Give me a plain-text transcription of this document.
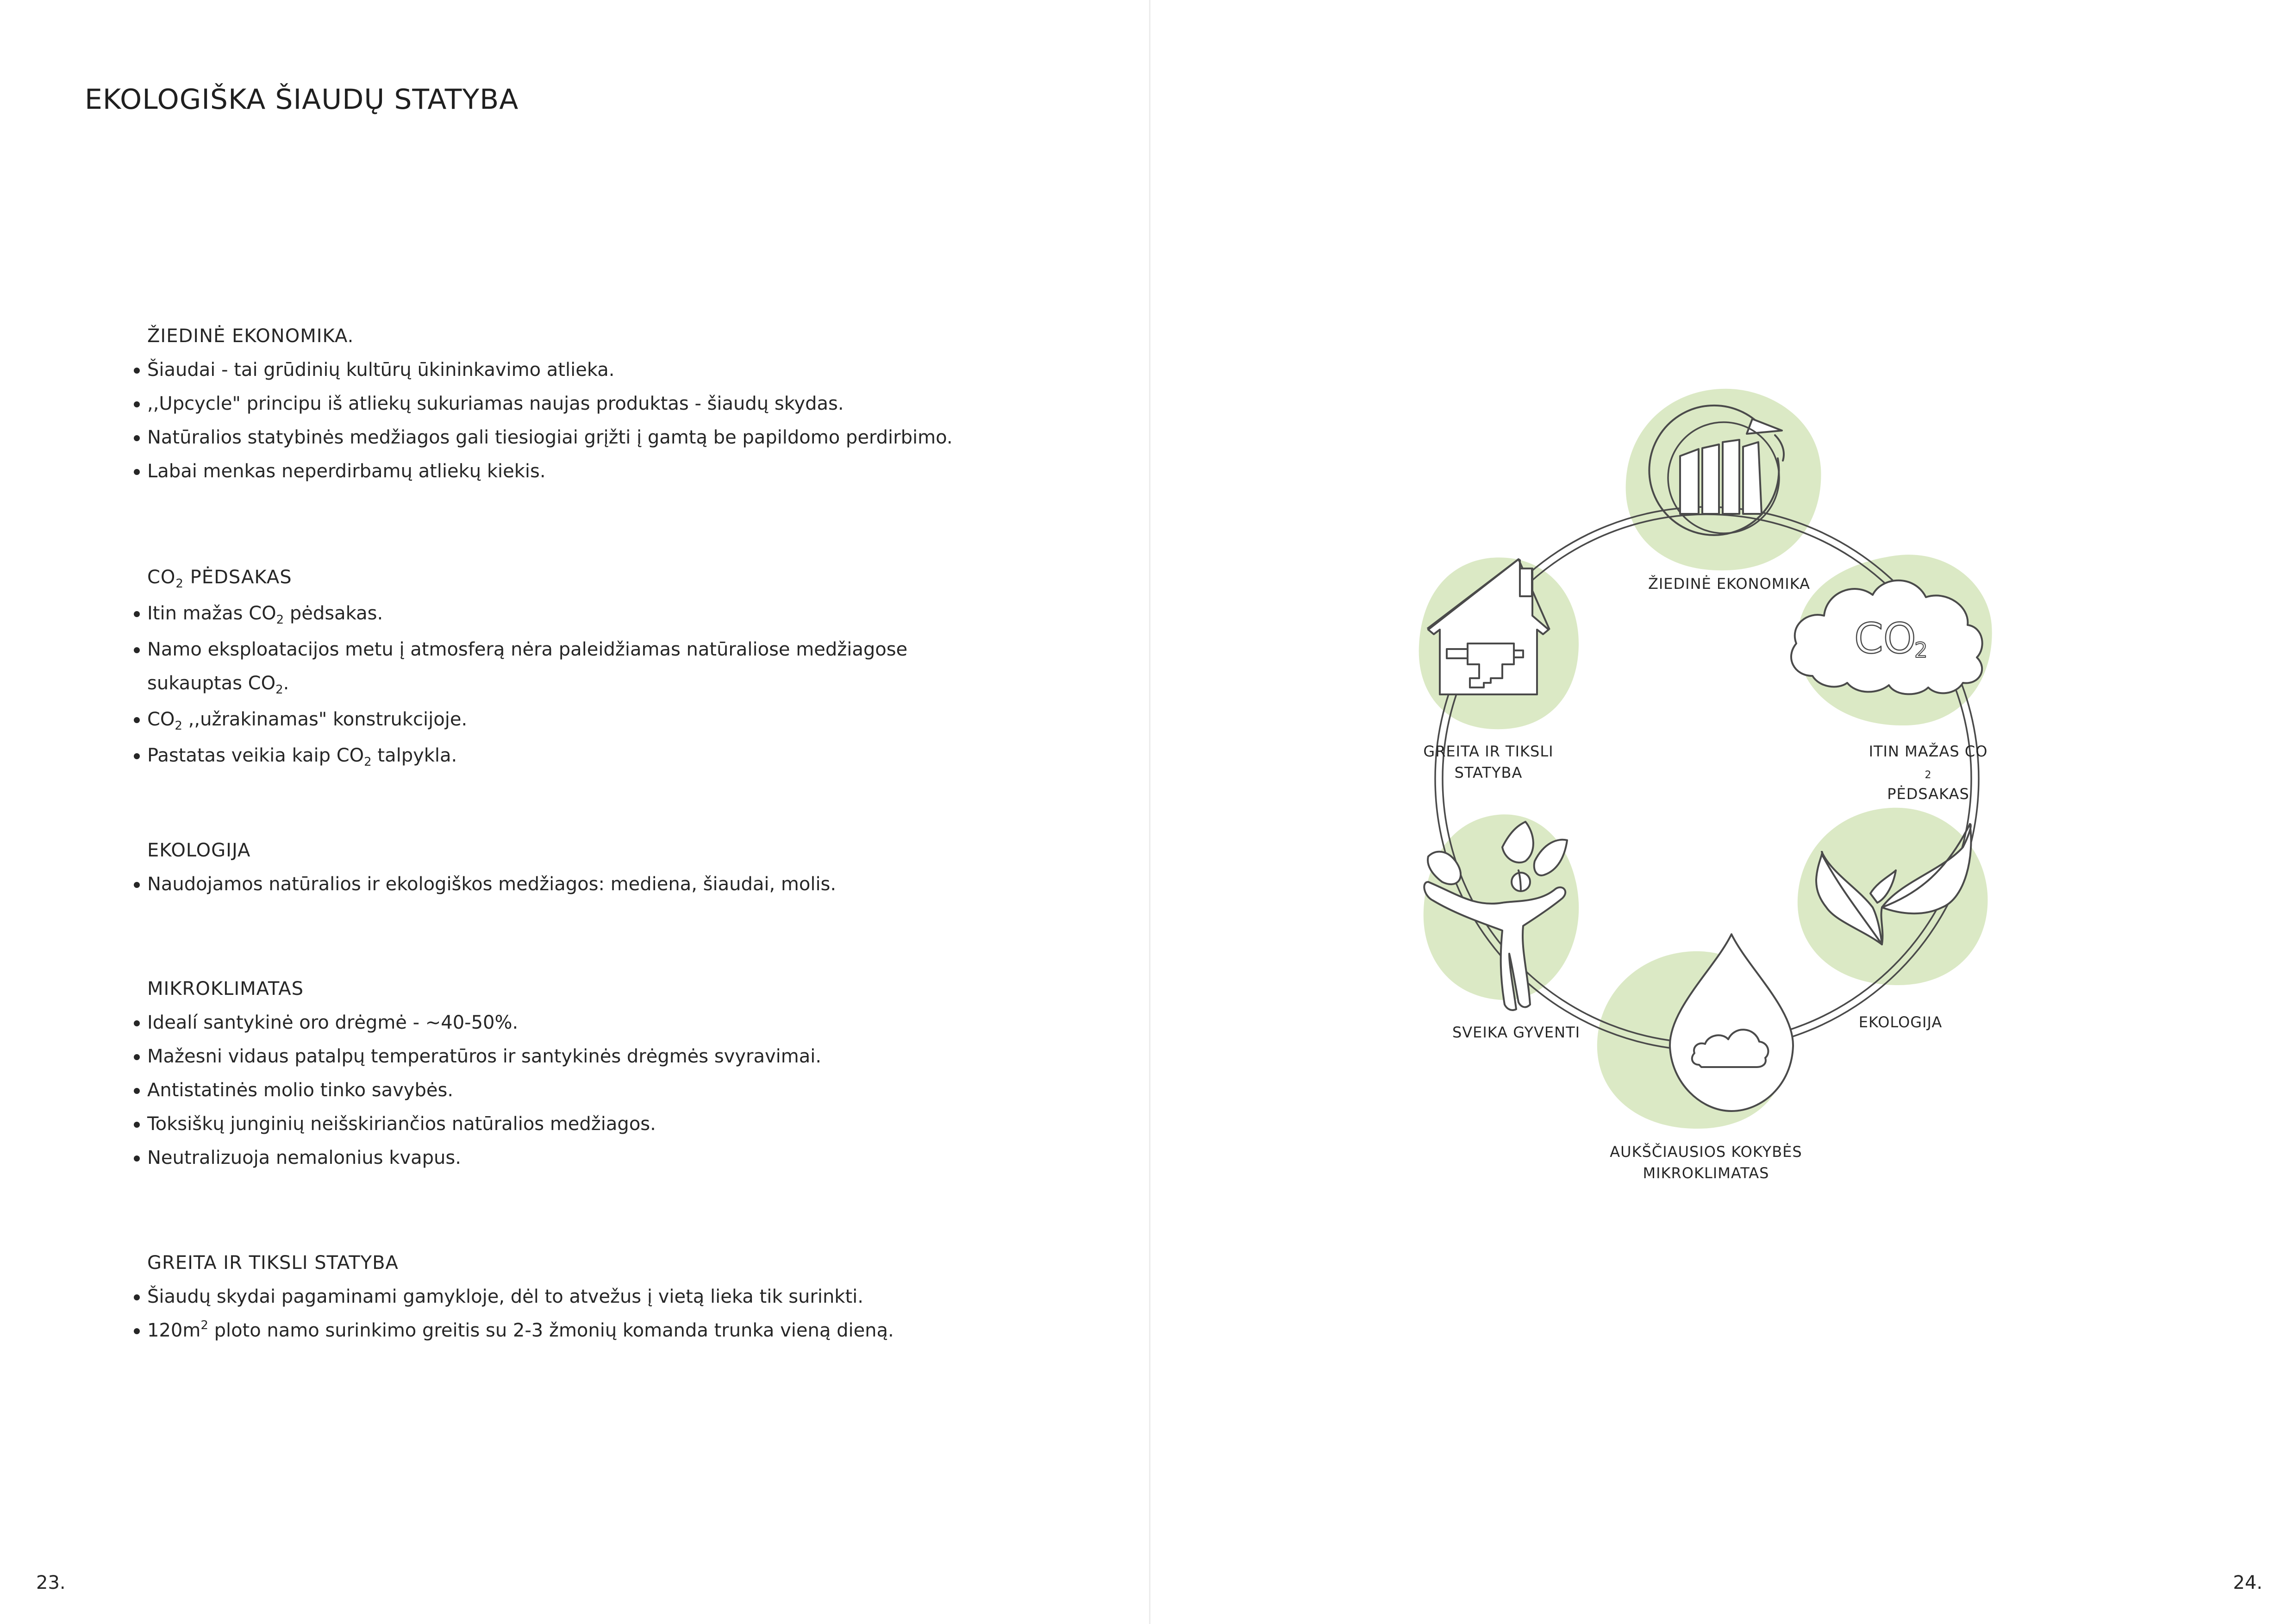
EKOLOGIŠKA ŠIAUDŲ STATYBA

ŽIEDINĖ EKONOMIKA.

Šiaudai - tai grūdinių kultūrų ūkininkavimo atlieka.
,,Upcycle" principu iš atliekų sukuriamas naujas produktas - šiaudų skydas.
Natūralios statybinės medžiagos gali tiesiogiai grįžti į gamtą be papildomo perdirbimo.
Labai menkas neperdirbamų atliekų kiekis.

$CO_2$ PĖDSAKAS

Itin mažas $CO_2$ pėdsakas.
Namo eksploatacijos metu į atmosferą nėra paleidžiamas natūraliose medžiagose
sukauptas $CO_2$.
$CO_2$ ,,užrakinamas" konstrukcijoje.
Pastatas veikia kaip $CO_2$ talpykla.

EKOLOGIJA

Naudojamos natūralios ir ekologiškos medžiagos: mediena, šiaudai, molis.

MIKROKLIMATAS

Idealí santykinė oro drėgmė - ~40-50%.
Mažesni vidaus patalpų temperatūros ir santykinės drėgmės svyravimai.
Antistatinės molio tinko savybės.
Toksiškų junginių neišskiriančios natūralios medžiagos.
Neutralizuoja nemalonius kvapus.

GREITA IR TIKSLI STATYBA

Šiaudų skydai pagaminami gamykloje, dėl to atvežus į vietą lieka tik surinkti.
$120m^2$ ploto namo surinkimo greitis su 2-3 žmonių komanda trunka vieną dieną.
23.
CO
2
ŽIEDINĖ EKONOMIKA
ITIN MAŽAS CO
2
PĖDSAKAS
EKOLOGIJA
AUKŠČIAUSIOS KOKYBĖS
MIKROKLIMATAS
SVEIKA GYVENTI
GREITA IR TIKSLI
STATYBA
24.
